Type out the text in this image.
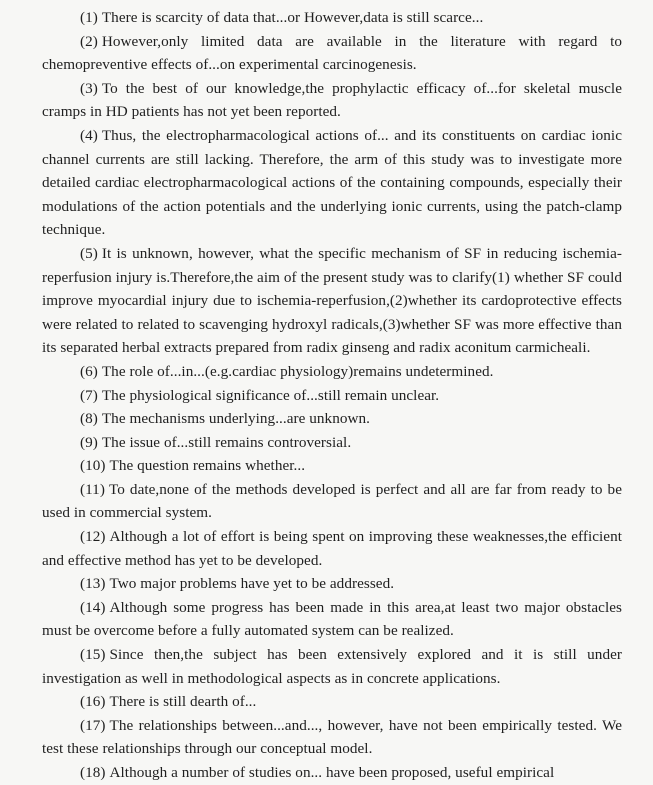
(1) There is scarcity of data that...or However,data is still scarce...

(2) However,only limited data are available in the literature with regard to chemopreventive effects of...on experimental carcinogenesis.

(3) To the best of our knowledge,the prophylactic efficacy of...for skeletal muscle cramps in HD patients has not yet been reported.

(4) Thus, the electropharmacological actions of... and its constituents on cardiac ionic channel currents are still lacking. Therefore, the arm of this study was to investigate more detailed cardiac electropharmacological actions of the containing compounds, especially their modulations of the action potentials and the underlying ionic currents, using the patch-clamp technique.

(5) It is unknown, however, what the specific mechanism of SF in reducing ischemia-reperfusion injury is.Therefore,the aim of the present study was to clarify(1) whether SF could improve myocardial injury due to ischemia-reperfusion,(2)whether its cardoprotective effects were related to related to scavenging hydroxyl radicals,(3)whether SF was more effective than its separated herbal extracts prepared from radix ginseng and radix aconitum carmicheali.

(6) The role of...in...(e.g.cardiac physiology)remains undetermined.

(7) The physiological significance of...still remain unclear.

(8) The mechanisms underlying...are unknown.

(9) The issue of...still remains controversial.

(10) The question remains whether...

(11) To date,none of the methods developed is perfect and all are far from ready to be used in commercial system.

(12) Although a lot of effort is being spent on improving these weaknesses,the efficient and effective method has yet to be developed.

(13) Two major problems have yet to be addressed.

(14) Although some progress has been made in this area,at least two major obstacles must be overcome before a fully automated system can be realized.

(15) Since then,the subject has been extensively explored and it is still under investigation as well in methodological aspects as in concrete applications.

(16) There is still dearth of...

(17) The relationships between...and..., however, have not been empirically tested. We test these relationships through our conceptual model.

(18) Although a number of studies on... have been proposed, useful empirical
